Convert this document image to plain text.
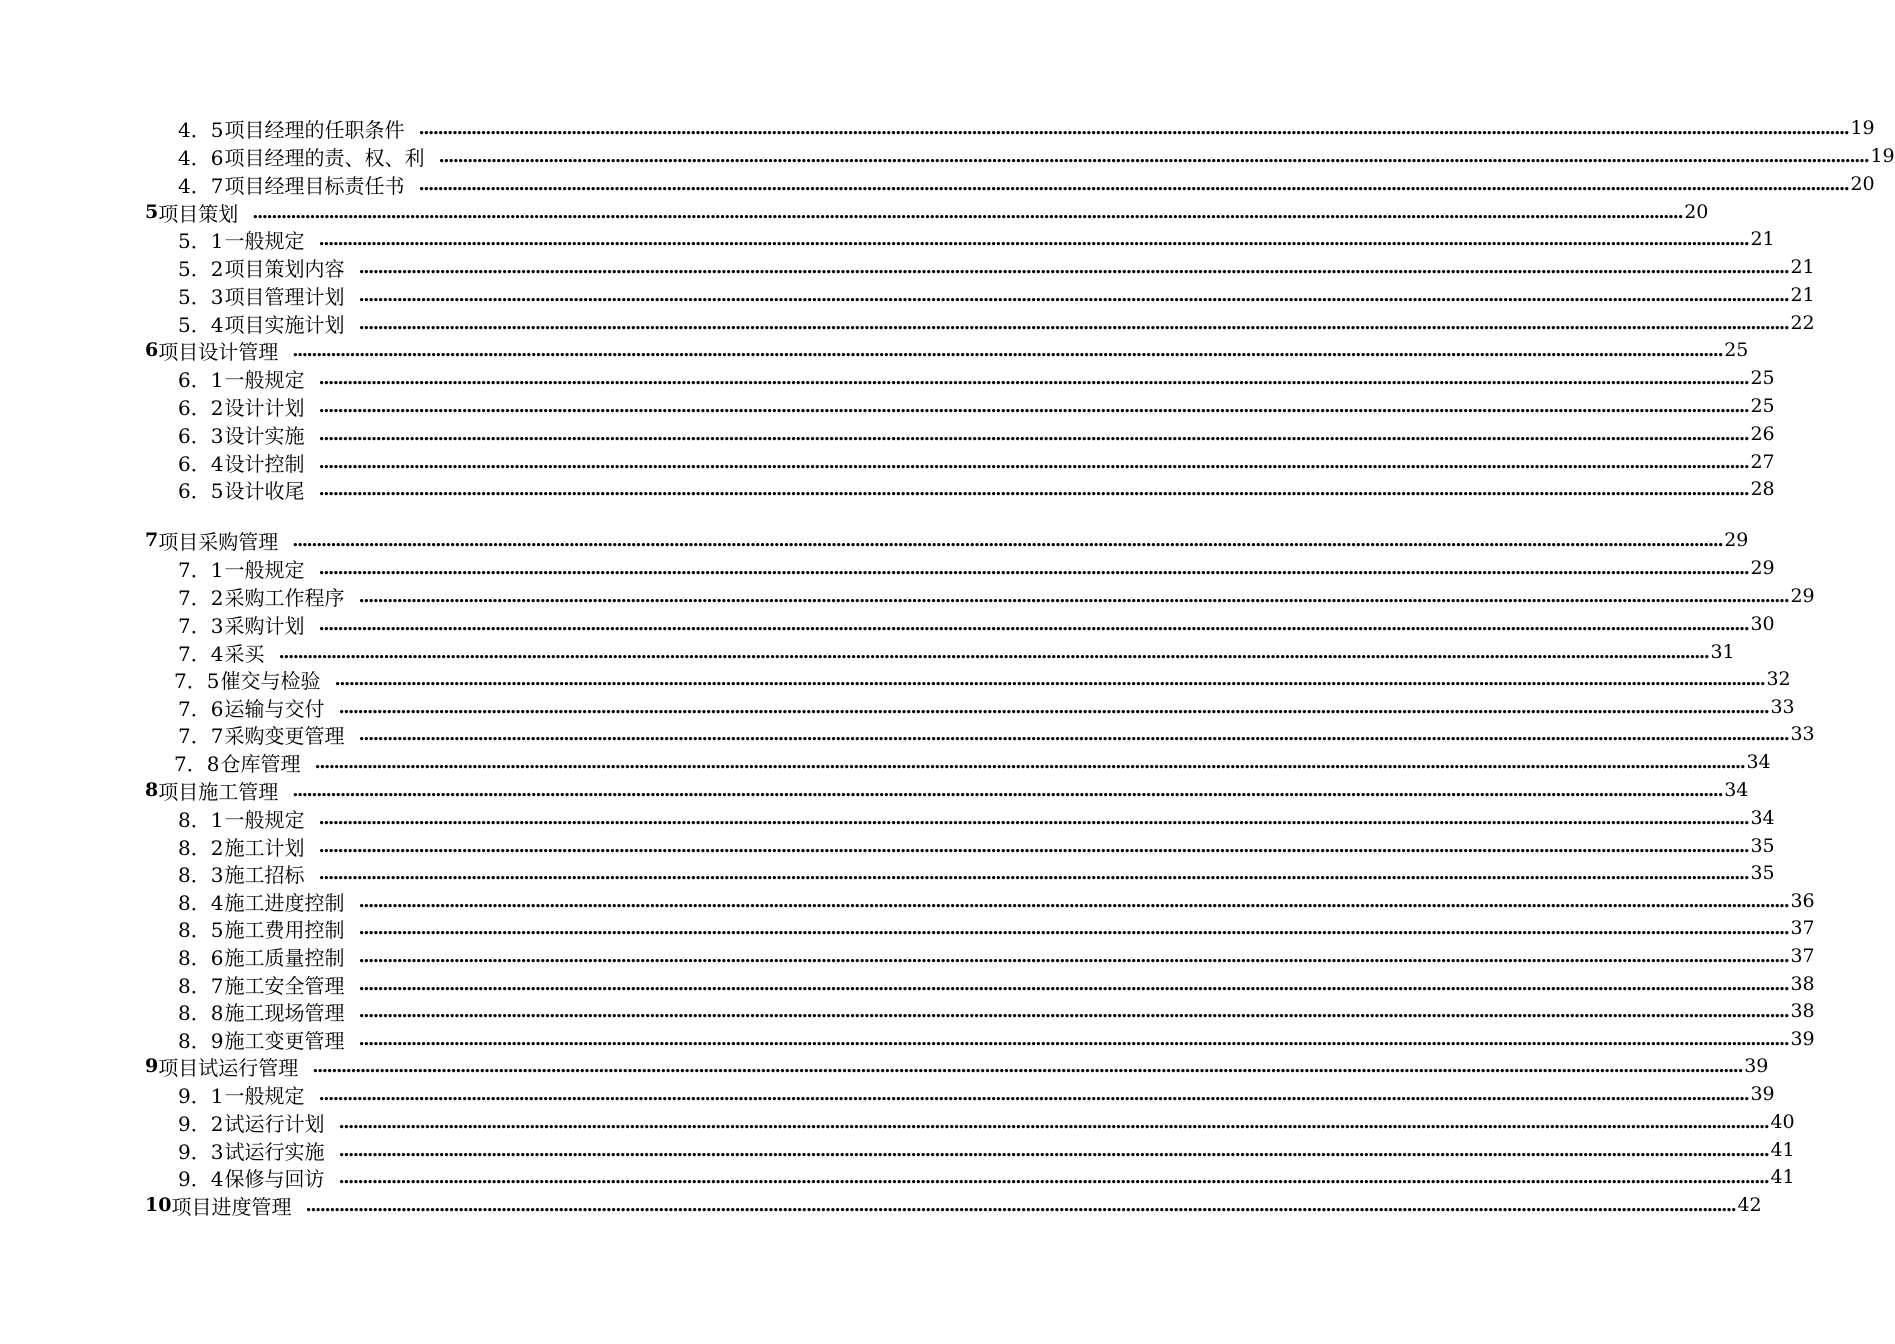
4．5 项目经理的任职条件 ............................................................................................................................................................................................................................................................................................................ 19
4．6 项目经理的责、权、利 ............................................................................................................................................................................................................................................................................................................ 19
4．7 项目经理目标责任书 ............................................................................................................................................................................................................................................................................................................ 20
5 项目策划 ............................................................................................................................................................................................................................................................................................................ 20
5．1 一般规定 ............................................................................................................................................................................................................................................................................................................ 21
5．2 项目策划内容 ............................................................................................................................................................................................................................................................................................................ 21
5．3 项目管理计划 ............................................................................................................................................................................................................................................................................................................ 21
5．4 项目实施计划 ............................................................................................................................................................................................................................................................................................................ 22
6 项目设计管理 ............................................................................................................................................................................................................................................................................................................ 25
6．1 一般规定 ............................................................................................................................................................................................................................................................................................................ 25
6．2 设计计划 ............................................................................................................................................................................................................................................................................................................ 25
6．3 设计实施 ............................................................................................................................................................................................................................................................................................................ 26
6．4 设计控制 ............................................................................................................................................................................................................................................................................................................ 27
6．5 设计收尾 ............................................................................................................................................................................................................................................................................................................ 28
7 项目采购管理 ............................................................................................................................................................................................................................................................................................................ 29
7．1 一般规定 ............................................................................................................................................................................................................................................................................................................ 29
7．2 采购工作程序 ............................................................................................................................................................................................................................................................................................................ 29
7．3 采购计划 ............................................................................................................................................................................................................................................................................................................ 30
7．4 采买 ............................................................................................................................................................................................................................................................................................................ 31
7．5 催交与检验 ............................................................................................................................................................................................................................................................................................................ 32
7．6 运输与交付 ............................................................................................................................................................................................................................................................................................................ 33
7．7 采购变更管理 ............................................................................................................................................................................................................................................................................................................ 33
7．8 仓库管理 ............................................................................................................................................................................................................................................................................................................ 34
8 项目施工管理 ............................................................................................................................................................................................................................................................................................................ 34
8．1 一般规定 ............................................................................................................................................................................................................................................................................................................ 34
8．2 施工计划 ............................................................................................................................................................................................................................................................................................................ 35
8．3 施工招标 ............................................................................................................................................................................................................................................................................................................ 35
8．4 施工进度控制 ............................................................................................................................................................................................................................................................................................................ 36
8．5 施工费用控制 ............................................................................................................................................................................................................................................................................................................ 37
8．6 施工质量控制 ............................................................................................................................................................................................................................................................................................................ 37
8．7 施工安全管理 ............................................................................................................................................................................................................................................................................................................ 38
8．8 施工现场管理 ............................................................................................................................................................................................................................................................................................................ 38
8．9 施工变更管理 ............................................................................................................................................................................................................................................................................................................ 39
9 项目试运行管理 ............................................................................................................................................................................................................................................................................................................ 39
9．1 一般规定 ............................................................................................................................................................................................................................................................................................................ 39
9．2 试运行计划 ............................................................................................................................................................................................................................................................................................................ 40
9．3 试运行实施 ............................................................................................................................................................................................................................................................................................................ 41
9．4 保修与回访 ............................................................................................................................................................................................................................................................................................................ 41
10 项目进度管理 ............................................................................................................................................................................................................................................................................................................ 42
